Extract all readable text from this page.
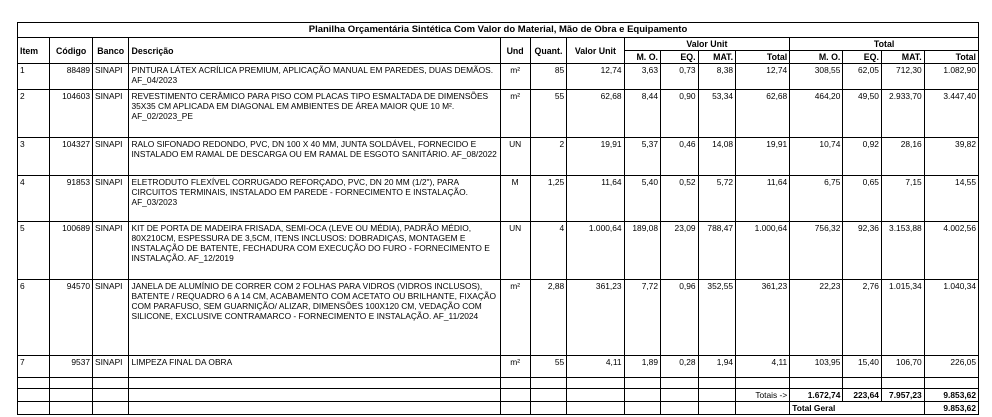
Planilha Orçamentária Sintética Com Valor do Material, Mão de Obra e Equipamento
Item	Código	Banco	Descrição	Und	Quant.	Valor Unit	Valor Unit				Total			
							M. O.	EQ.	MAT.	Total	M. O.	EQ.	MAT.	Total
1	88489	SINAPI	PINTURA LÁTEX ACRÍLICA PREMIUM, APLICAÇÃO MANUAL EM PAREDES, DUAS DEMÃOS. AF_04/2023	m²	85	12,74	3,63	0,73	8,38	12,74	308,55	62,05	712,30	1.082,90
2	104603	SINAPI	REVESTIMENTO CERÂMICO PARA PISO COM PLACAS TIPO ESMALTADA DE DIMENSÕES 35X35 CM APLICADA EM DIAGONAL EM AMBIENTES DE ÁREA MAIOR QUE 10 M². AF_02/2023_PE	m²	55	62,68	8,44	0,90	53,34	62,68	464,20	49,50	2.933,70	3.447,40
3	104327	SINAPI	RALO SIFONADO REDONDO, PVC, DN 100 X 40 MM, JUNTA SOLDÁVEL, FORNECIDO E INSTALADO EM RAMAL DE DESCARGA OU EM RAMAL DE ESGOTO SANITÁRIO. AF_08/2022	UN	2	19,91	5,37	0,46	14,08	19,91	10,74	0,92	28,16	39,82
4	91853	SINAPI	ELETRODUTO FLEXÍVEL CORRUGADO REFORÇADO, PVC, DN 20 MM (1/2"), PARA CIRCUITOS TERMINAIS, INSTALADO EM PAREDE - FORNECIMENTO E INSTALAÇÃO. AF_03/2023	M	1,25	11,64	5,40	0,52	5,72	11,64	6,75	0,65	7,15	14,55
5	100689	SINAPI	KIT DE PORTA DE MADEIRA FRISADA, SEMI-OCA (LEVE OU MÉDIA), PADRÃO MÉDIO, 80X210CM, ESPESSURA DE 3,5CM, ITENS INCLUSOS: DOBRADIÇAS, MONTAGEM E INSTALAÇÃO DE BATENTE, FECHADURA COM EXECUÇÃO DO FURO - FORNECIMENTO E INSTALAÇÃO. AF_12/2019	UN	4	1.000,64	189,08	23,09	788,47	1.000,64	756,32	92,36	3.153,88	4.002,56
6	94570	SINAPI	JANELA DE ALUMÍNIO DE CORRER COM 2 FOLHAS PARA VIDROS (VIDROS INCLUSOS), BATENTE / REQUADRO 6 A 14 CM, ACABAMENTO COM ACETATO OU BRILHANTE, FIXAÇÃO COM PARAFUSO, SEM GUARNIÇÃO/ ALIZAR, DIMENSÕES 100X120 CM, VEDAÇÃO COM SILICONE, EXCLUSIVE CONTRAMARCO - FORNECIMENTO E INSTALAÇÃO. AF_11/2024	m²	2,88	361,23	7,72	0,96	352,55	361,23	22,23	2,76	1.015,34	1.040,34
7	9537	SINAPI	LIMPEZA FINAL DA OBRA	m²	55	4,11	1,89	0,28	1,94	4,11	103,95	15,40	106,70	226,05

										Totais ->	1.672,74	223,64	7.957,23	9.853,62
											Total Geral			9.853,62
